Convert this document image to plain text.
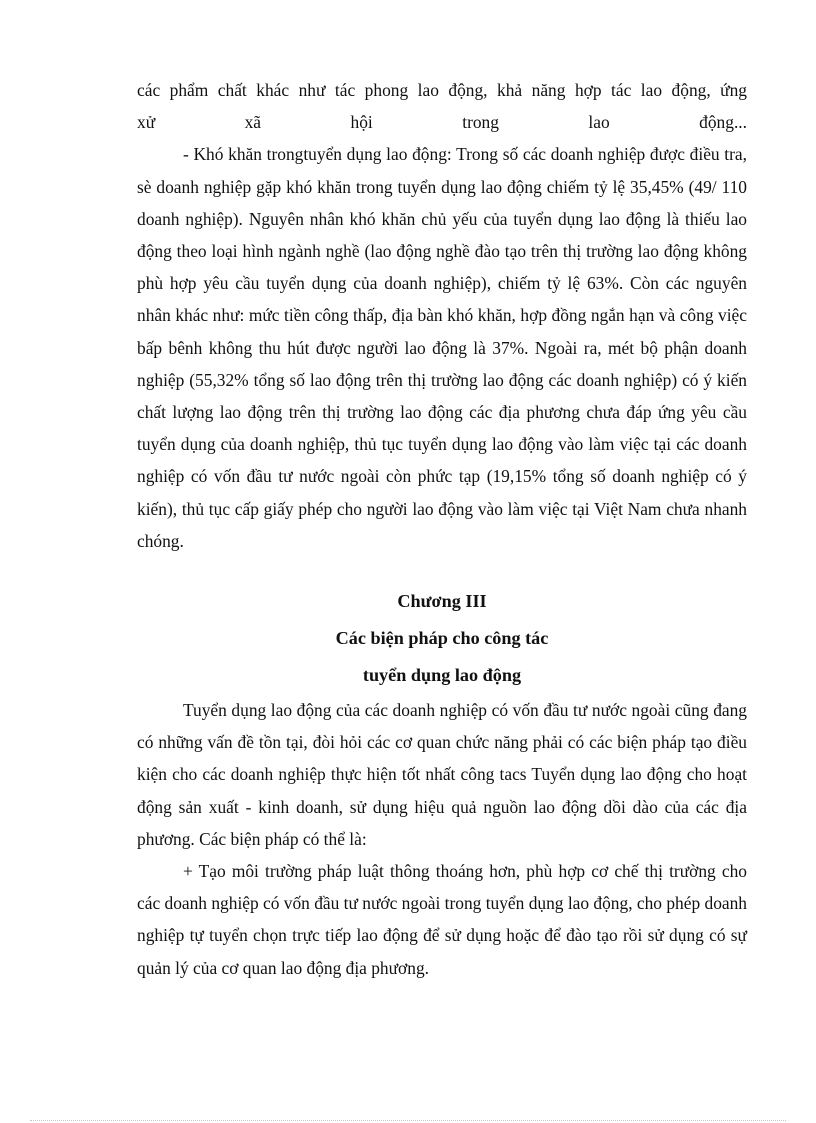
các phẩm chất khác như tác phong lao động, khả năng hợp tác lao động, ứng

xử xã hội trong lao động...

- Khó khăn trongtuyển dụng lao động: Trong số các doanh nghiệp được điều tra, sè doanh nghiệp gặp khó khăn trong tuyển dụng lao động chiếm tỷ lệ 35,45% (49/ 110 doanh nghiệp). Nguyên nhân khó khăn chủ yếu của tuyển dụng lao động là thiếu lao động theo loại hình ngành nghề (lao động nghề đào tạo trên thị trường lao động không phù hợp yêu cầu tuyển dụng của doanh nghiệp), chiếm tỷ lệ 63%. Còn các nguyên nhân khác như: mức tiền công thấp, địa bàn khó khăn, hợp đồng ngắn hạn và công việc bấp bênh không thu hút được người lao động là 37%. Ngoài ra, mét bộ phận doanh nghiệp (55,32% tổng số lao động trên thị trường lao động các doanh nghiệp) có ý kiến chất lượng lao động trên thị trường lao động các địa phương chưa đáp ứng yêu cầu tuyển dụng của doanh nghiệp, thủ tục tuyển dụng lao động vào làm việc tại các doanh nghiệp có vốn đầu tư nước ngoài còn phức tạp (19,15% tổng số doanh nghiệp có ý kiến), thủ tục cấp giấy phép cho người lao động vào làm việc tại Việt Nam chưa nhanh chóng.

Chương III
Các biện pháp cho công tác
tuyển dụng lao động

Tuyển dụng lao động của các doanh nghiệp có vốn đầu tư nước ngoài cũng đang có những vấn đề tồn tại, đòi hỏi các cơ quan chức năng phải có các biện pháp tạo điều kiện cho các doanh nghiệp thực hiện tốt nhất công tacs Tuyển dụng lao động cho hoạt động sản xuất - kinh doanh, sử dụng hiệu quả nguồn lao động dồi dào của các địa phương. Các biện pháp có thể là:

+ Tạo môi trường pháp luật thông thoáng hơn, phù hợp cơ chế thị trường cho các doanh nghiệp có vốn đầu tư nước ngoài trong tuyển dụng lao động, cho phép doanh nghiệp tự tuyển chọn trực tiếp lao động để sử dụng hoặc để đào tạo rồi sử dụng có sự quản lý của cơ quan lao động địa phương.
